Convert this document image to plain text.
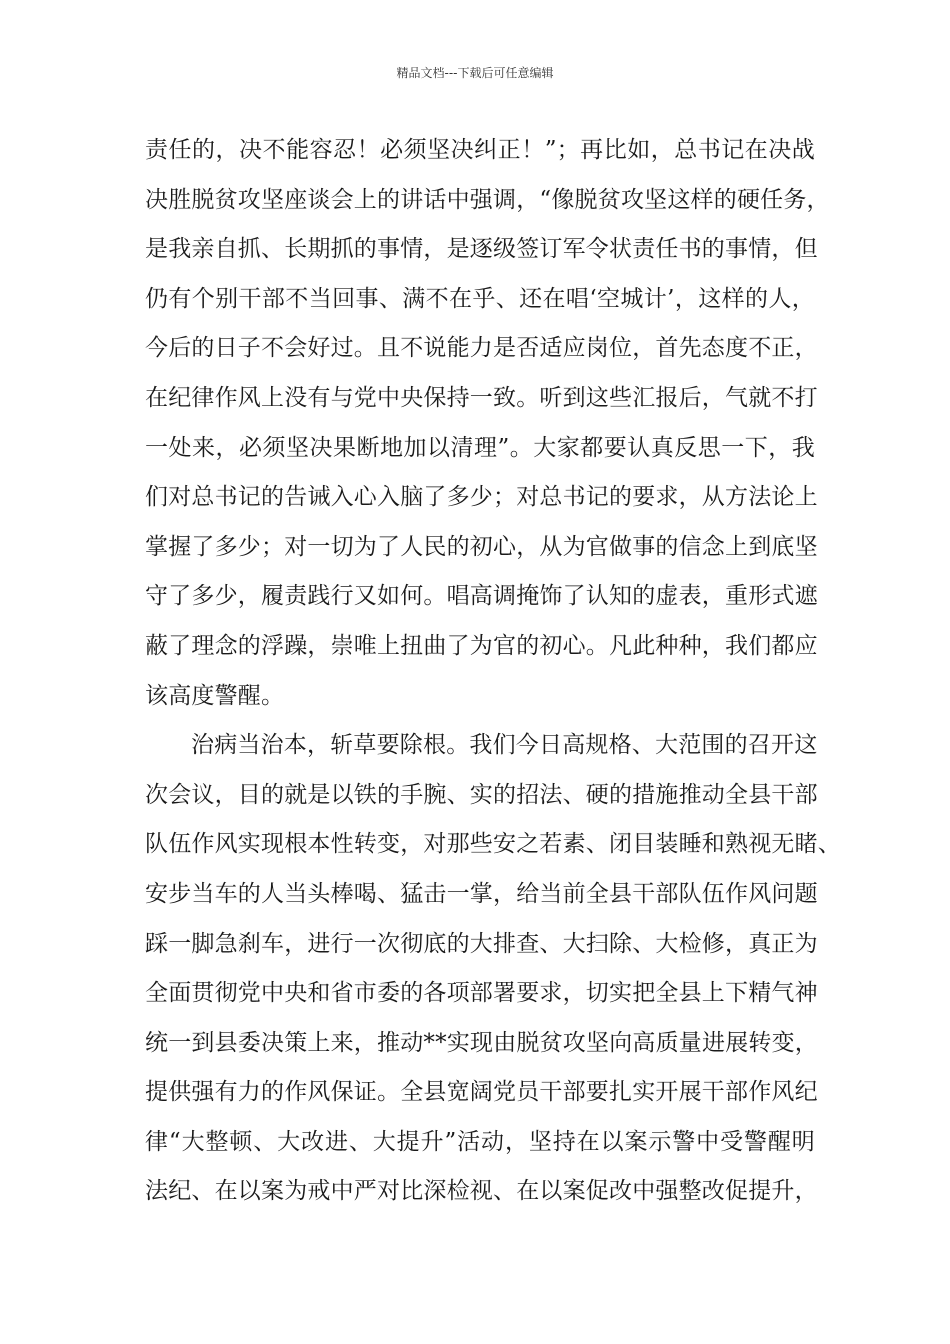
精品文档---下载后可任意编辑
责任的，决不能容忍！必须坚决纠正！”；再比如，总书记在决战
决胜脱贫攻坚座谈会上的讲话中强调，“像脱贫攻坚这样的硬任务，
是我亲自抓、长期抓的事情，是逐级签订军令状责任书的事情，但
仍有个别干部不当回事、满不在乎、还在唱‘空城计’，这样的人，
今后的日子不会好过。且不说能力是否适应岗位，首先态度不正，
在纪律作风上没有与党中央保持一致。听到这些汇报后，气就不打
一处来，必须坚决果断地加以清理”。大家都要认真反思一下，我
们对总书记的告诫入心入脑了多少；对总书记的要求，从方法论上
掌握了多少；对一切为了人民的初心，从为官做事的信念上到底坚
守了多少，履责践行又如何。唱高调掩饰了认知的虚表，重形式遮
蔽了理念的浮躁，崇唯上扭曲了为官的初心。凡此种种，我们都应
该高度警醒。
治病当治本，斩草要除根。我们今日高规格、大范围的召开这
次会议，目的就是以铁的手腕、实的招法、硬的措施推动全县干部
队伍作风实现根本性转变，对那些安之若素、闭目装睡和熟视无睹、
安步当车的人当头棒喝、猛击一掌，给当前全县干部队伍作风问题
踩一脚急刹车，进行一次彻底的大排查、大扫除、大检修，真正为
全面贯彻党中央和省市委的各项部署要求，切实把全县上下精气神
统一到县委决策上来，推动**实现由脱贫攻坚向高质量进展转变，
提供强有力的作风保证。全县宽阔党员干部要扎实开展干部作风纪
律“大整顿、大改进、大提升”活动，坚持在以案示警中受警醒明
法纪、在以案为戒中严对比深检视、在以案促改中强整改促提升，
